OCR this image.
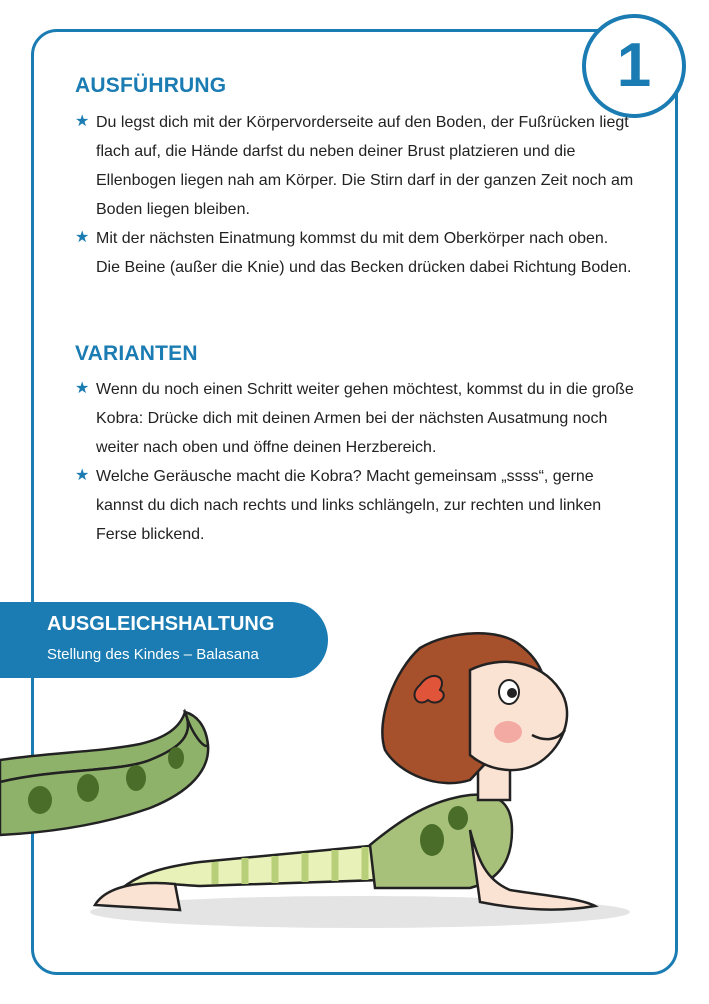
1
AUSFÜHRUNG
★ Du legst dich mit der Körpervorderseite auf den Boden, der Fußrücken liegt flach auf, die Hände darfst du neben deiner Brust platzieren und die Ellenbogen liegen nah am Körper. Die Stirn darf in der ganzen Zeit noch am Boden liegen bleiben.
★ Mit der nächsten Einatmung kommst du mit dem Oberkörper nach oben. Die Beine (außer die Knie) und das Becken drücken dabei Richtung Boden.
VARIANTEN
★ Wenn du noch einen Schritt weiter gehen möchtest, kommst du in die große Kobra: Drücke dich mit deinen Armen bei der nächsten Ausatmung noch weiter nach oben und öffne deinen Herzbereich.
★ Welche Geräusche macht die Kobra? Macht gemeinsam „ssss“, gerne kannst du dich nach rechts und links schlängeln, zur rechten und linken Ferse blickend.
AUSGLEICHSHALTUNG
Stellung des Kindes – Balasana
